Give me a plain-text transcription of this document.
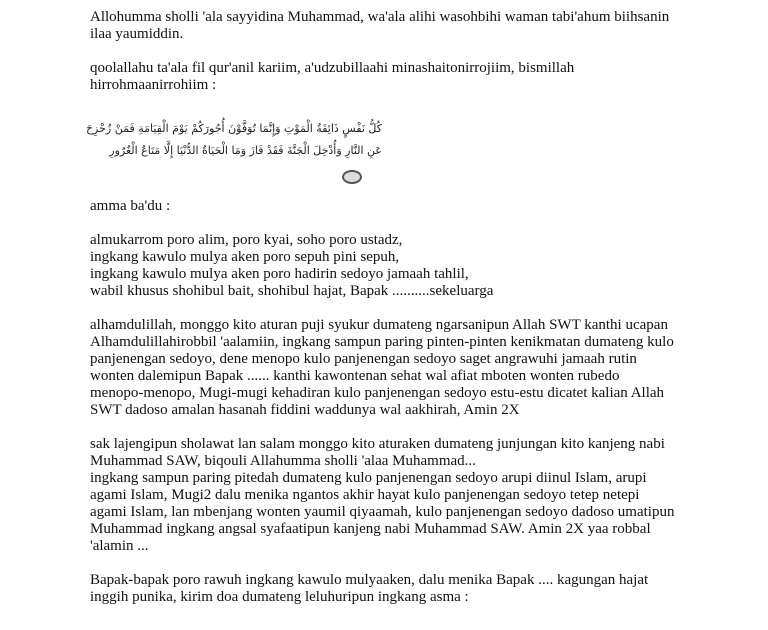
Allohumma sholli 'ala sayyidina Muhammad, wa'ala alihi wasohbihi waman tabi'ahum biihsanin
ilaa yaumiddin.

qoolallahu ta'ala fil qur'anil kariim, a'udzubillaahi minashaitonirrojiim, bismillah
hirrohmaanirrohiim :

كُلُّ نَفْسٍ ذَائِقَةُ الْمَوْتِ وَإِنَّمَا تُوَفَّوْنَ أُجُورَكُمْ يَوْمَ الْقِيَامَةِ فَمَنْ زُحْزِحَ
عَنِ النَّارِ وَأُدْخِلَ الْجَنَّةَ فَقَدْ فَازَ وَمَا الْحَيَاةُ الدُّنْيَا إِلَّا مَتَاعُ الْغُرُورِ

amma ba'du :

almukarrom poro alim, poro kyai, soho poro ustadz,
ingkang kawulo mulya aken poro sepuh pini sepuh,
ingkang kawulo mulya aken poro hadirin sedoyo jamaah tahlil,
wabil khusus shohibul bait, shohibul hajat, Bapak ..........sekeluarga

alhamdulillah, monggo kito aturan puji syukur dumateng ngarsanipun Allah SWT kanthi ucapan
Alhamdulillahirobbil 'aalamiin, ingkang sampun paring pinten-pinten kenikmatan dumateng kulo
panjenengan sedoyo, dene menopo kulo panjenengan sedoyo saget angrawuhi jamaah rutin
wonten dalemipun Bapak ...... kanthi kawontenan sehat wal afiat mboten wonten rubedo
menopo-menopo, Mugi-mugi kehadiran kulo panjenengan sedoyo estu-estu dicatet kalian Allah
SWT dadoso amalan hasanah fiddini waddunya wal aakhirah, Amin 2X

sak lajengipun sholawat lan salam monggo kito aturaken dumateng junjungan kito kanjeng nabi
Muhammad SAW, biqouli Allahumma sholli 'alaa Muhammad...
ingkang sampun paring pitedah dumateng kulo panjenengan sedoyo arupi diinul Islam, arupi
agami Islam, Mugi2 dalu menika ngantos akhir hayat kulo panjenengan sedoyo tetep netepi
agami Islam, lan mbenjang wonten yaumil qiyaamah, kulo panjenengan sedoyo dadoso umatipun
Muhammad ingkang angsal syafaatipun kanjeng nabi Muhammad SAW. Amin 2X yaa robbal
'alamin ...

Bapak-bapak poro rawuh ingkang kawulo mulyaaken, dalu menika Bapak .... kagungan hajat
inggih punika, kirim doa dumateng leluhuripun ingkang asma :
